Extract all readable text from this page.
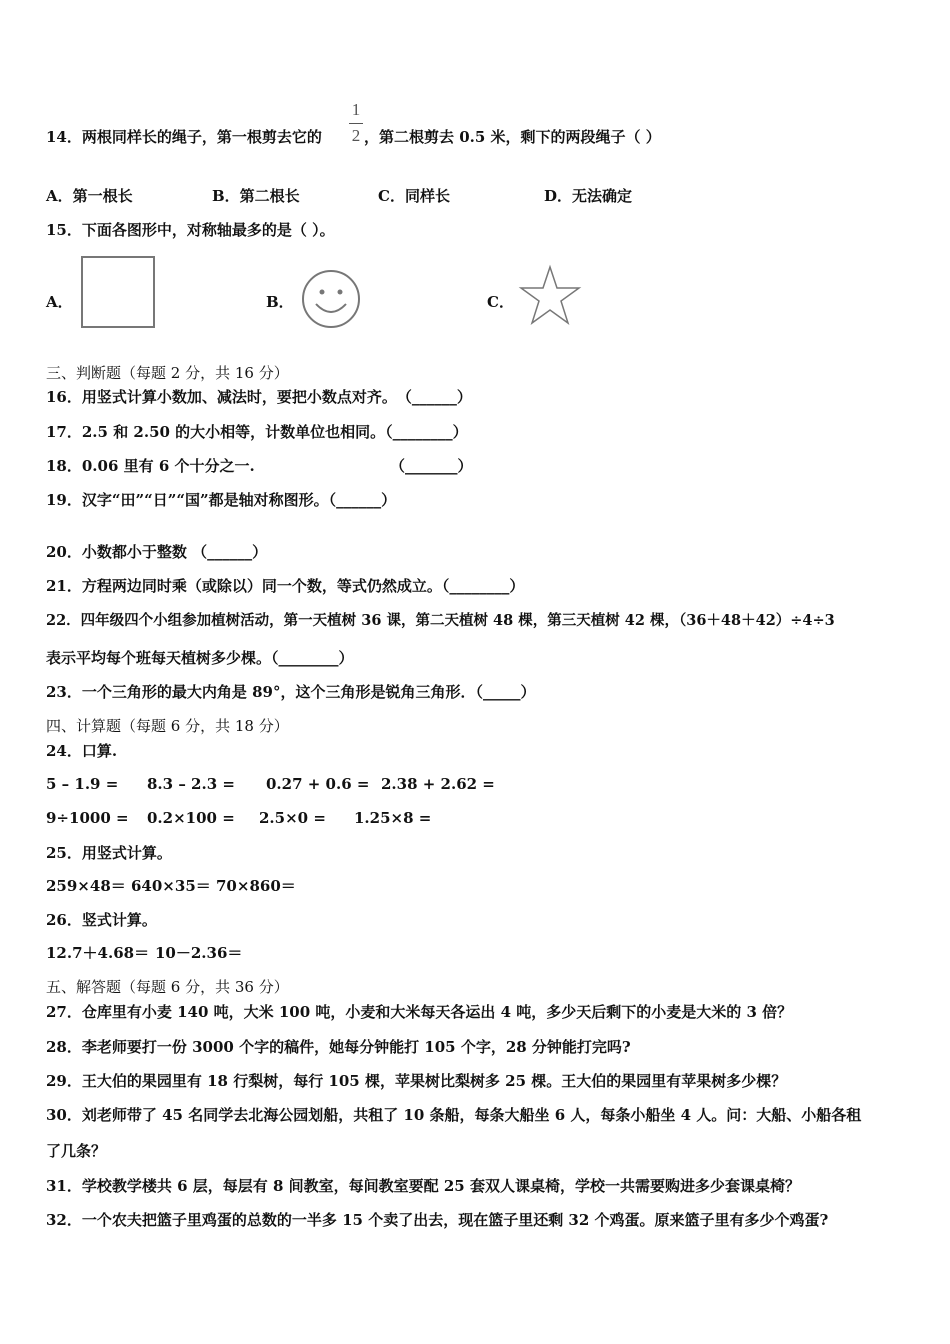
14．两根同样长的绳子，第一根剪去它的
1
2 ，第二根剪去 0.5 米，剩下的两段绳子（ ）
A．第一根长	B．第二根长	C．同样长	D．无法确定
15．下面各图形中，对称轴最多的是（ ）。
A．	B．	C．
三、判断题（每题 2 分，共 16 分）
16．用竖式计算小数加、减法时，要把小数点对齐。　（______）
17．2.5 和 2.50 的大小相等，计数单位也相同。（________）
18．0.06 里有 6 个十分之一.	（_______）
19．汉字“田”“日”“国”都是轴对称图形。（______）
20．小数都小于整数 （______）
21．方程两边同时乘（或除以）同一个数，等式仍然成立。（________）
22．四年级四个小组参加植树活动，第一天植树 36 课，第二天植树 48 棵，第三天植树 42 棵，（36＋48＋42）÷4÷3
表示平均每个班每天植树多少棵。（________）
23．一个三角形的最大内角是 89°，这个三角形是锐角三角形．（_____）
四、计算题（每题 6 分，共 18 分）
24．口算.
5 – 1.9 = 8.3 – 2.3 = 0.27 + 0.6 = 2.38 + 2.62 =
9÷1000 = 0.2×100 = 2.5×0 = 1.25×8 =
25．用竖式计算。
259×48＝ 640×35＝ 70×860＝
26．竖式计算。
12.7＋4.68＝ 10－2.36＝
五、解答题（每题 6 分，共 36 分）
27．仓库里有小麦 140 吨，大米 100 吨，小麦和大米每天各运出 4 吨，多少天后剩下的小麦是大米的 3 倍？
28．李老师要打一份 3000 个字的稿件，她每分钟能打 105 个字，28 分钟能打完吗?
29．王大伯的果园里有 18 行梨树，每行 105 棵，苹果树比梨树多 25 棵。王大伯的果园里有苹果树多少棵？
30．刘老师带了 45 名同学去北海公园划船，共租了 10 条船，每条大船坐 6 人，每条小船坐 4 人。问：大船、小船各租
了几条？
31．学校教学楼共 6 层，每层有 8 间教室，每间教室要配 25 套双人课桌椅，学校一共需要购进多少套课桌椅？
32．一个农夫把篮子里鸡蛋的总数的一半多 15 个卖了出去，现在篮子里还剩 32 个鸡蛋。原来篮子里有多少个鸡蛋?
